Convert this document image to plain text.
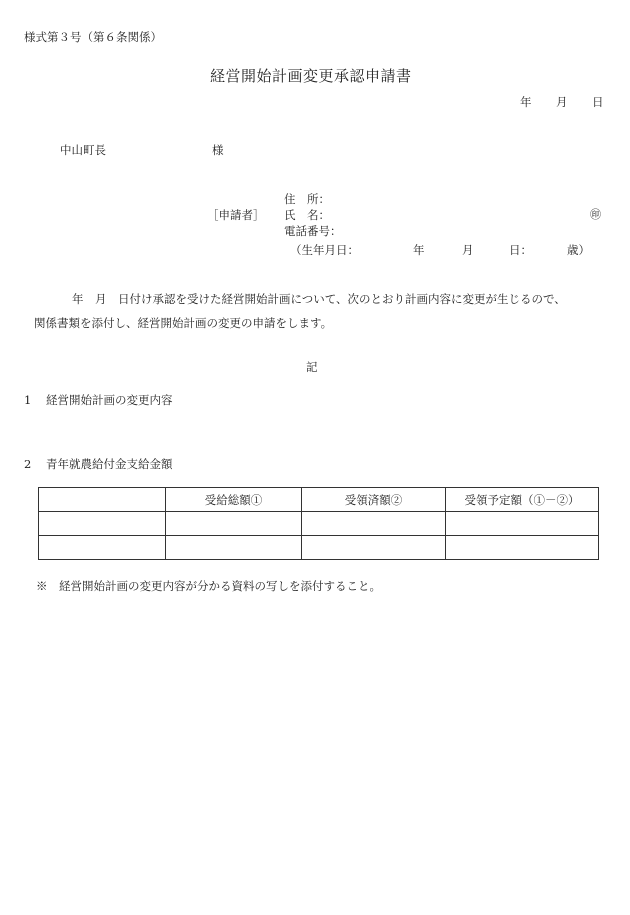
様式第３号（第６条関係）
経営開始計画変更承認申請書
年 月 日
中山町長	様
住　所：
［申請者］ 氏　名：	㊞
電話番号：
（生年月日：	年	月	日：	歳）
年　月　日付け承認を受けた経営開始計画について、次のとおり計画内容に変更が生じるので、
関係書類を添付し、経営開始計画の変更の申請をします。
記
1 経営開始計画の変更内容
2 青年就農給付金支給金額
	受給総額①	受領済額②	受領予定額（①－②）

※　経営開始計画の変更内容が分かる資料の写しを添付すること。
